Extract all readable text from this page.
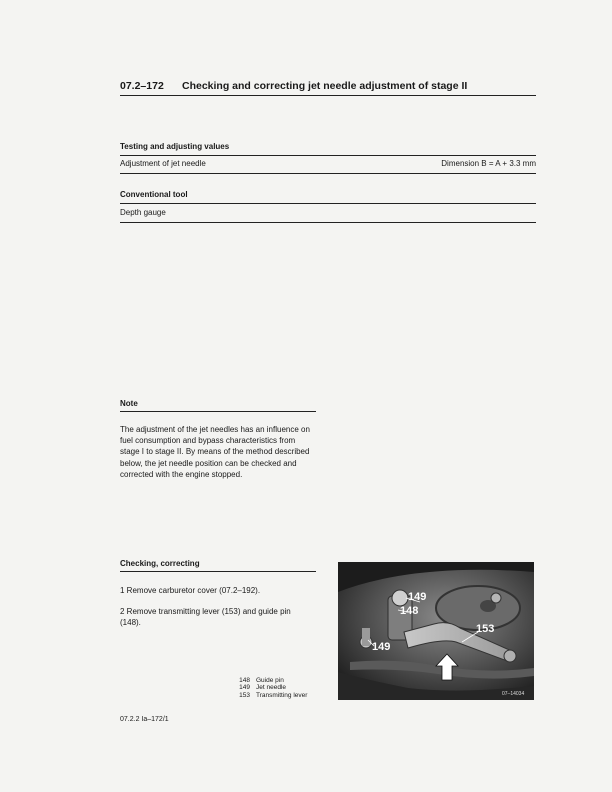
07.2–172 Checking and correcting jet needle adjustment of stage II
Testing and adjusting values
Adjustment of jet needle	Dimension B = A + 3.3 mm
Conventional tool
Depth gauge
Note
The adjustment of the jet needles has an influence on
fuel consumption and bypass characteristics from
stage I to stage II. By means of the method described
below, the jet needle position can be checked and
corrected with the engine stopped.
Checking, correcting
1 Remove carburetor cover (07.2–192).
2 Remove transmitting lever (153) and guide pin
(148).
148 Guide pin
149 Jet needle
153 Transmitting lever
149
148
149
153
07–14034
07.2.2 Ia–172/1
